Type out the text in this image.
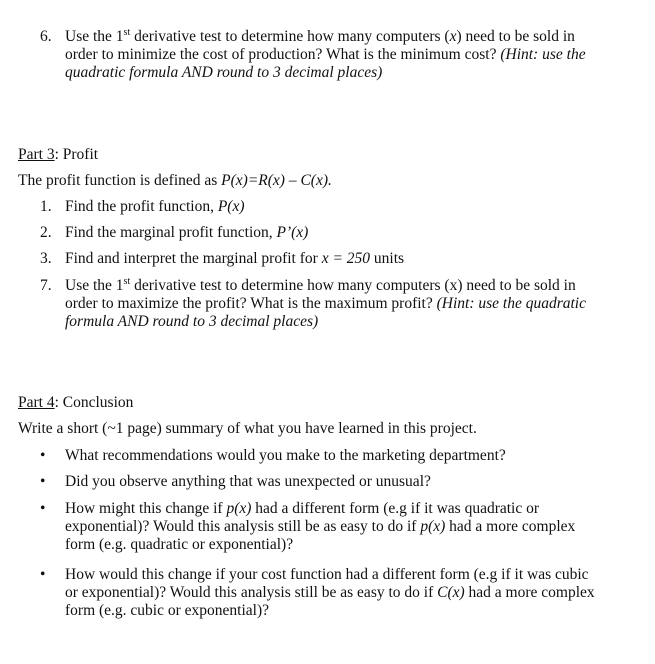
6. Use the 1st derivative test to determine how many computers (x) need to be sold in order to minimize the cost of production? What is the minimum cost? (Hint: use the quadratic formula AND round to 3 decimal places)
Part 3: Profit
The profit function is defined as P(x)=R(x) – C(x).
1. Find the profit function, P(x)
2. Find the marginal profit function, P’(x)
3. Find and interpret the marginal profit for x = 250 units
7. Use the 1st derivative test to determine how many computers (x) need to be sold in order to maximize the profit? What is the maximum profit? (Hint: use the quadratic formula AND round to 3 decimal places)
Part 4: Conclusion
Write a short (~1 page) summary of what you have learned in this project.
•	What recommendations would you make to the marketing department?
•	Did you observe anything that was unexpected or unusual?
•	How might this change if p(x) had a different form (e.g if it was quadratic or exponential)? Would this analysis still be as easy to do if p(x) had a more complex form (e.g. quadratic or exponential)?
•	How would this change if your cost function had a different form (e.g if it was cubic or exponential)? Would this analysis still be as easy to do if C(x) had a more complex form (e.g. cubic or exponential)?
